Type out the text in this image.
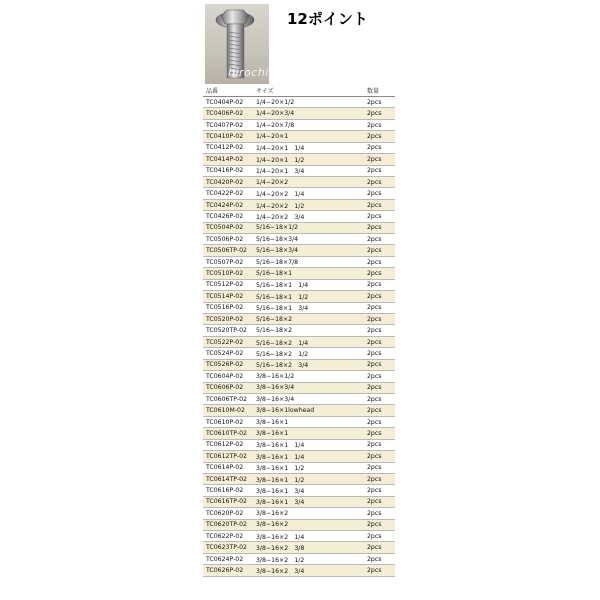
hirochi
12ポイント
品番	サイズ	数量
TC0404P-02	1/4−20×1/2	2pcs
TC0406P-02	1/4−20×3/4	2pcs
TC0407P-02	1/4−20×7/8	2pcs
TC0410P-02	1/4−20×1	2pcs
TC0412P-02	1/4−20×1　1/4	2pcs
TC0414P-02	1/4−20×1　1/2	2pcs
TC0416P-02	1/4−20×1　3/4	2pcs
TC0420P-02	1/4−20×2	2pcs
TC0422P-02	1/4−20×2　1/4	2pcs
TC0424P-02	1/4−20×2　1/2	2pcs
TC0426P-02	1/4−20×2　3/4	2pcs
TC0504P-02	5/16−18×1/2	2pcs
TC0506P-02	5/16−18×3/4	2pcs
TC0506TP-02	5/16−18×3/4	2pcs
TC0507P-02	5/16−18×7/8	2pcs
TC0510P-02	5/16−18×1	2pcs
TC0512P-02	5/16−18×1　1/4	2pcs
TC0514P-02	5/16−18×1　1/2	2pcs
TC0516P-02	5/16−18×1　3/4	2pcs
TC0520P-02	5/16−18×2	2pcs
TC0520TP-02	5/16−18×2	2pcs
TC0522P-02	5/16−18×2　1/4	2pcs
TC0524P-02	5/16−18×2　1/2	2pcs
TC0526P-02	5/16−18×2　3/4	2pcs
TC0604P-02	3/8−16×1/2	2pcs
TC0606P-02	3/8−16×3/4	2pcs
TC0606TP-02	3/8−16×3/4	2pcs
TC0610M-02	3/8−16×1lowhead	2pcs
TC0610P-02	3/8−16×1	2pcs
TC0610TP-02	3/8−16×1	2pcs
TC0612P-02	3/8−16×1　1/4	2pcs
TC0612TP-02	3/8−16×1　1/4	2pcs
TC0614P-02	3/8−16×1　1/2	2pcs
TC0614TP-02	3/8−16×1　1/2	2pcs
TC0616P-02	3/8−16×1　3/4	2pcs
TC0616TP-02	3/8−16×1　3/4	2pcs
TC0620P-02	3/8−16×2	2pcs
TC0620TP-02	3/8−16×2	2pcs
TC0622P-02	3/8−16×2　1/4	2pcs
TC0623TP-02	3/8−16×2　3/8	2pcs
TC0624P-02	3/8−16×2　1/2	2pcs
TC0626P-02	3/8−16×2　3/4	2pcs
